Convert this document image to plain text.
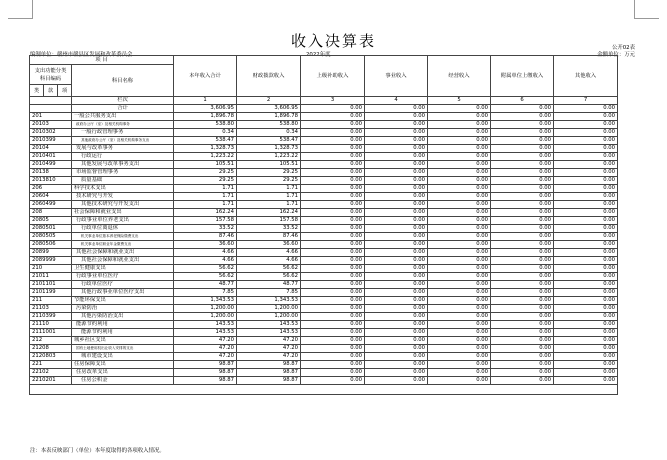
收入决算表	公开02表
编制单位：赣州市赣县区发展和改革委员会	2022年度	金额单位：万元
项 目				本年收入合计	财政拨款收入	上级补助收入	事业收入	经营收入	附属单位上缴收入	其他收入
支出功能分类科目编码			科目名称							
类	款	项								
			栏次	1	2	3	4	5	6	7
			合计	3,606.95	3,606.95	0.00	0.00	0.00	0.00	0.00
201			一般公共服务支出	1,896.78	1,896.78	0.00	0.00	0.00	0.00	0.00
20103			政府办公厅（室）及相关机构事务	538.80	538.80	0.00	0.00	0.00	0.00	0.00
2010302			一般行政管理事务	0.34	0.34	0.00	0.00	0.00	0.00	0.00
2010399			其他政府办公厅（室）及相关机构事务支出	538.47	538.47	0.00	0.00	0.00	0.00	0.00
20104			发展与改革事务	1,328.73	1,328.73	0.00	0.00	0.00	0.00	0.00
2010401			行政运行	1,223.22	1,223.22	0.00	0.00	0.00	0.00	0.00
2010499			其他发展与改革事务支出	105.51	105.51	0.00	0.00	0.00	0.00	0.00
20138			市场监督管理事务	29.25	29.25	0.00	0.00	0.00	0.00	0.00
2013810			质量基础	29.25	29.25	0.00	0.00	0.00	0.00	0.00
206			科学技术支出	1.71	1.71	0.00	0.00	0.00	0.00	0.00
20604			技术研究与开发	1.71	1.71	0.00	0.00	0.00	0.00	0.00
2060499			其他技术研究与开发支出	1.71	1.71	0.00	0.00	0.00	0.00	0.00
208			社会保障和就业支出	162.24	162.24	0.00	0.00	0.00	0.00	0.00
20805			行政事业单位养老支出	157.58	157.58	0.00	0.00	0.00	0.00	0.00
2080501			行政单位离退休	33.52	33.52	0.00	0.00	0.00	0.00	0.00
2080505			机关事业单位基本养老保险缴费支出	87.46	87.46	0.00	0.00	0.00	0.00	0.00
2080506			机关事业单位职业年金缴费支出	36.60	36.60	0.00	0.00	0.00	0.00	0.00
20899			其他社会保障和就业支出	4.66	4.66	0.00	0.00	0.00	0.00	0.00
2089999			其他社会保障和就业支出	4.66	4.66	0.00	0.00	0.00	0.00	0.00
210			卫生健康支出	56.62	56.62	0.00	0.00	0.00	0.00	0.00
21011			行政事业单位医疗	56.62	56.62	0.00	0.00	0.00	0.00	0.00
2101101			行政单位医疗	48.77	48.77	0.00	0.00	0.00	0.00	0.00
2101199			其他行政事业单位医疗支出	7.85	7.85	0.00	0.00	0.00	0.00	0.00
211			节能环保支出	1,343.53	1,343.53	0.00	0.00	0.00	0.00	0.00
21103			污染防治	1,200.00	1,200.00	0.00	0.00	0.00	0.00	0.00
2110399			其他污染防治支出	1,200.00	1,200.00	0.00	0.00	0.00	0.00	0.00
21110			能源节约利用	143.53	143.53	0.00	0.00	0.00	0.00	0.00
2111001			能源节约利用	143.53	143.53	0.00	0.00	0.00	0.00	0.00
212			城乡社区支出	47.20	47.20	0.00	0.00	0.00	0.00	0.00
21208			国有土地使用权出让收入安排的支出	47.20	47.20	0.00	0.00	0.00	0.00	0.00
2120803			城市建设支出	47.20	47.20	0.00	0.00	0.00	0.00	0.00
221			住房保障支出	98.87	98.87	0.00	0.00	0.00	0.00	0.00
22102			住房改革支出	98.87	98.87	0.00	0.00	0.00	0.00	0.00
2210201			住房公积金	98.87	98.87	0.00	0.00	0.00	0.00	0.00

注：本表反映部门（单位）本年度取得的各项收入情况。
